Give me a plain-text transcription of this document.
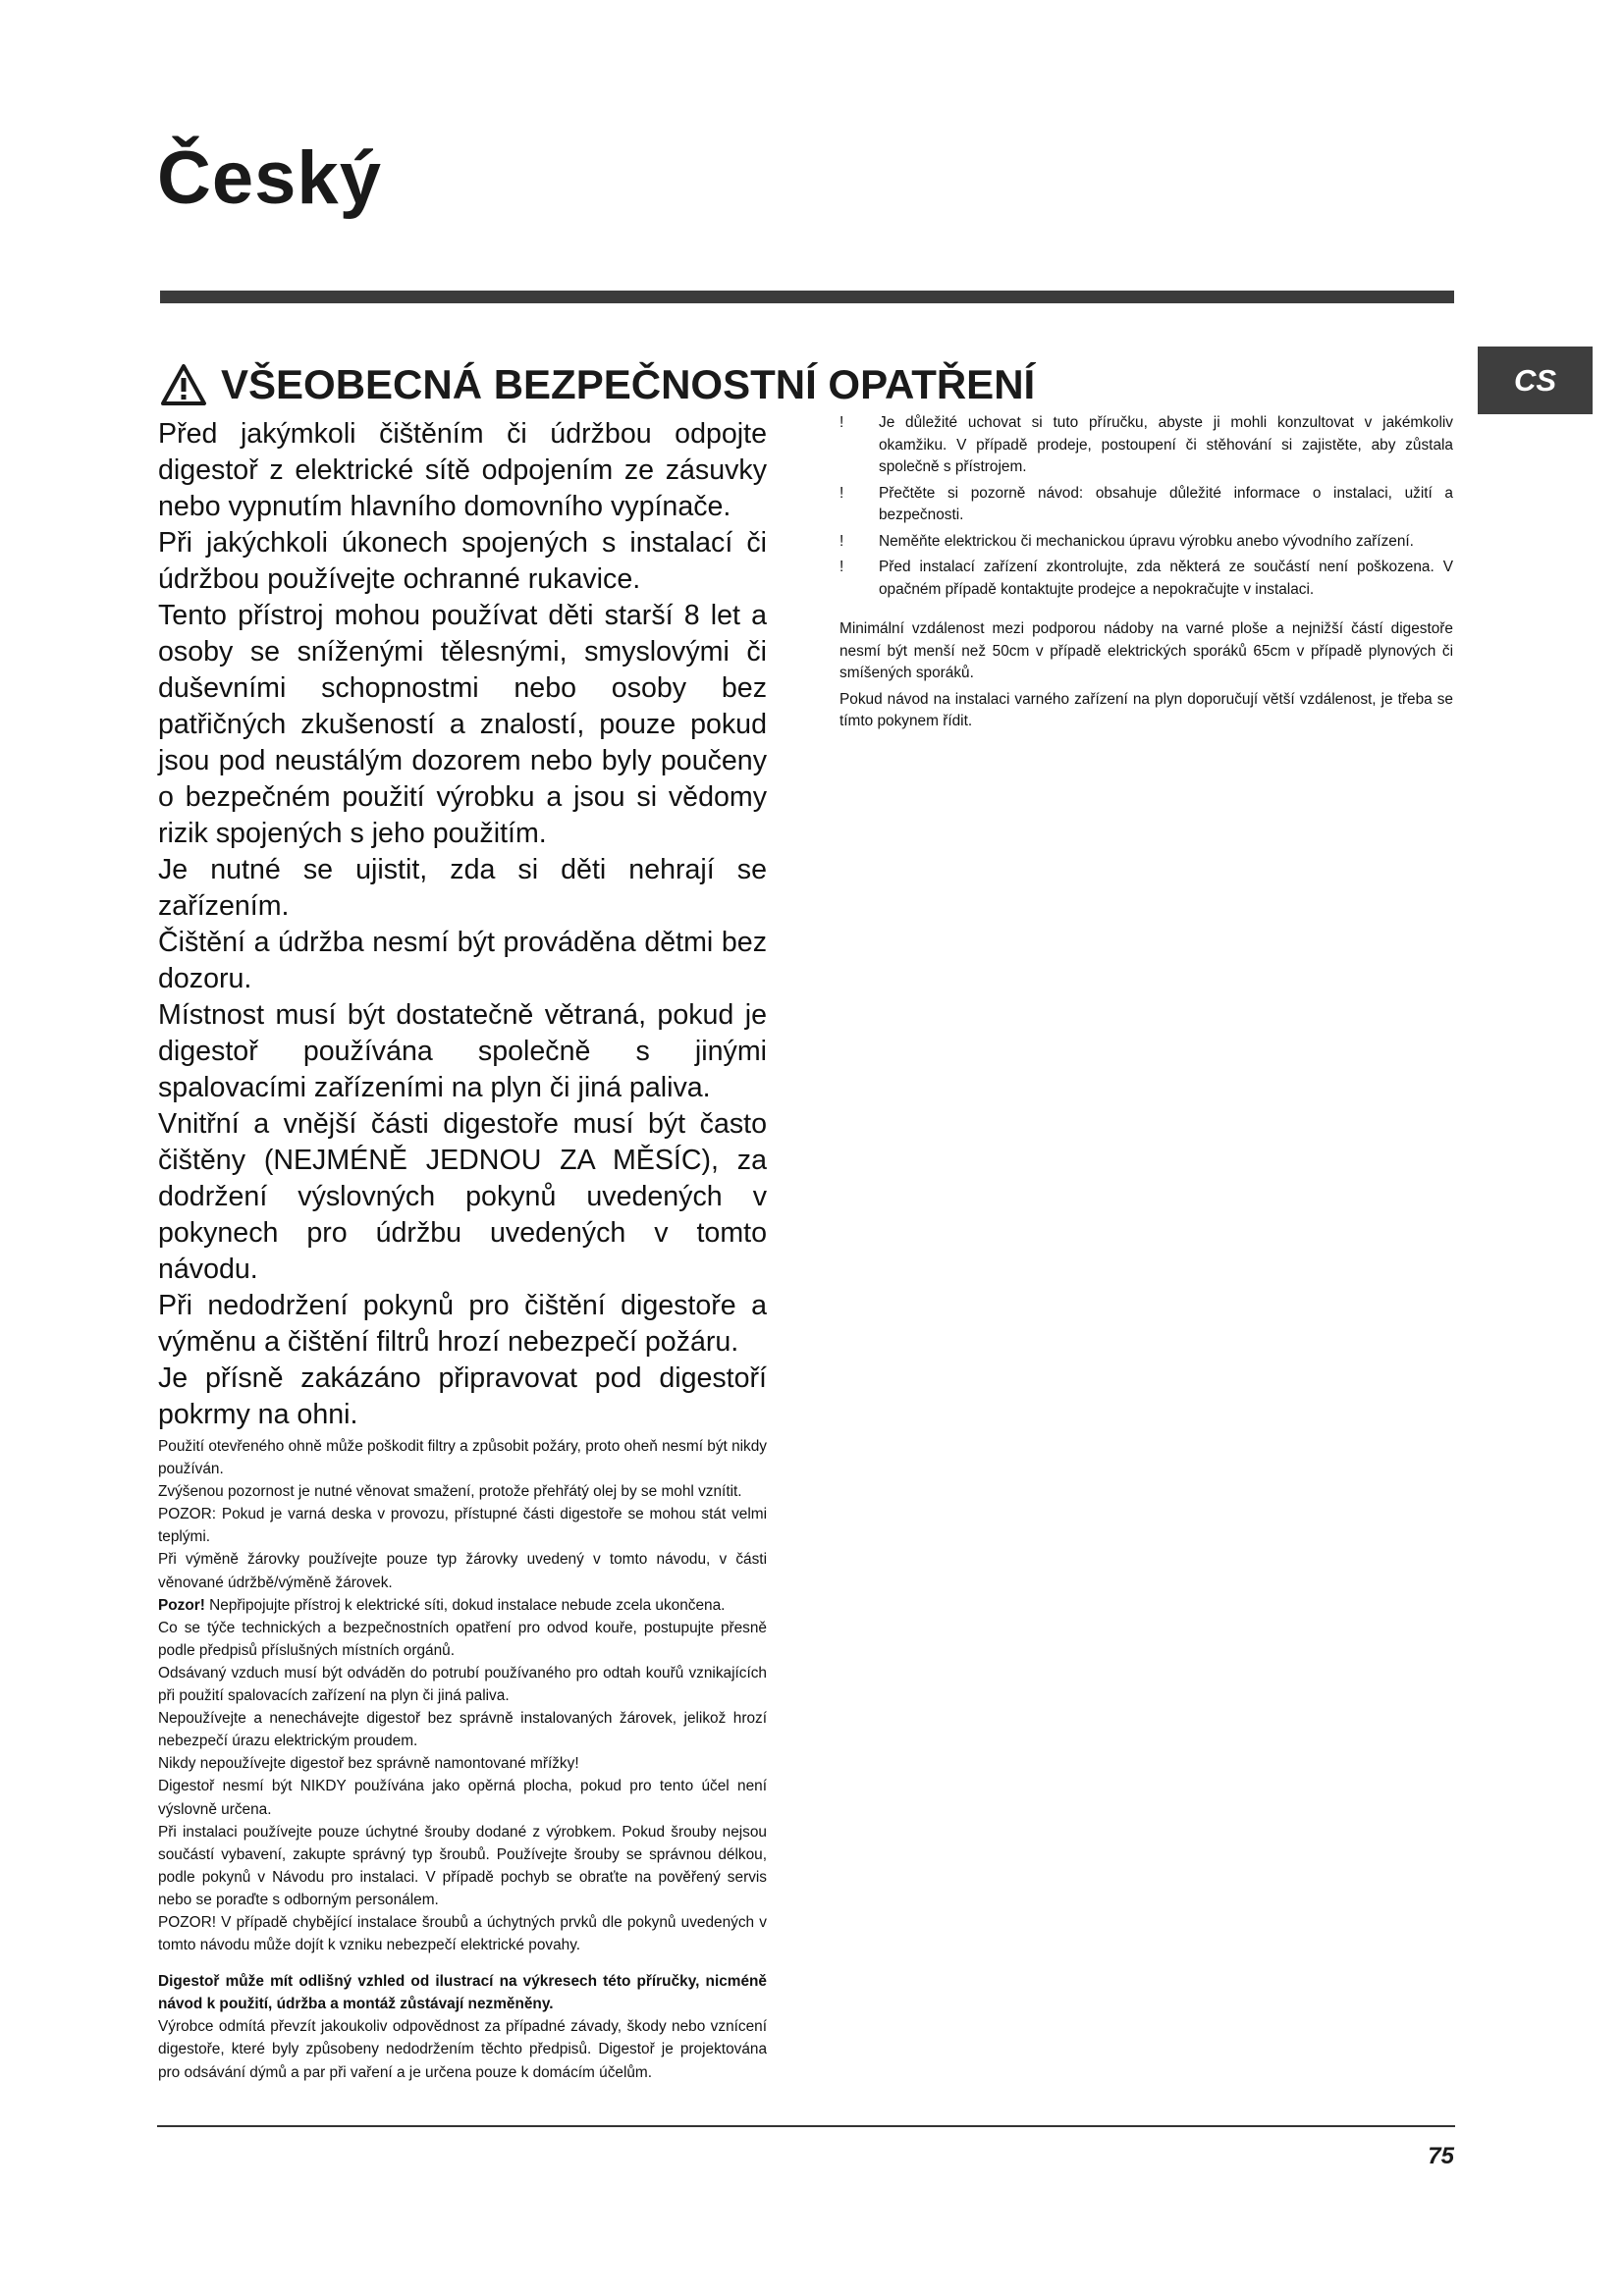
Český
CS
VŠEOBECNÁ BEZPEČNOSTNÍ OPATŘENÍ

Před jakýmkoli čištěním či údržbou odpojte digestoř z elektrické sítě odpojením ze zásuvky nebo vypnutím hlavního domovního vypínače.

Při jakýchkoli úkonech spojených s instalací či údržbou používejte ochranné rukavice.

Tento přístroj mohou používat děti starší 8 let a osoby se sníženými tělesnými, smyslovými či duševními schopnostmi nebo osoby bez patřičných zkušeností a znalostí, pouze pokud jsou pod neustálým dozorem nebo byly poučeny o bezpečném použití výrobku a jsou si vědomy rizik spojených s jeho použitím.

Je nutné se ujistit, zda si děti nehrají se zařízením.

Čištění a údržba nesmí být prováděna dětmi bez dozoru.

Místnost musí být dostatečně větraná, pokud je digestoř používána společně s jinými spalovacími zařízeními na plyn či jiná paliva.

Vnitřní a vnější části digestoře musí být často čištěny (NEJMÉNĚ JEDNOU ZA MĚSÍC), za dodržení výslovných pokynů uvedených v pokynech pro údržbu uvedených v tomto návodu.

Při nedodržení pokynů pro čištění digestoře a výměnu a čištění filtrů hrozí nebezpečí požáru.

Je přísně zakázáno připravovat pod digestoří pokrmy na ohni.

Použití otevřeného ohně může poškodit filtry a způsobit požáry, proto oheň nesmí být nikdy používán.

Zvýšenou pozornost je nutné věnovat smažení, protože přehřátý olej by se mohl vznítit.

POZOR: Pokud je varná deska v provozu, přístupné části digestoře se mohou stát velmi teplými.

Při výměně žárovky používejte pouze typ žárovky uvedený v tomto návodu, v části věnované údržbě/výměně žárovek.

Pozor! Nepřipojujte přístroj k elektrické síti, dokud instalace nebude zcela ukončena.

Co se týče technických a bezpečnostních opatření pro odvod kouře, postupujte přesně podle předpisů příslušných místních orgánů.

Odsávaný vzduch musí být odváděn do potrubí používaného pro odtah kouřů vznikajících při použití spalovacích zařízení na plyn či jiná paliva.

Nepoužívejte a nenechávejte digestoř bez správně instalovaných žárovek, jelikož hrozí nebezpečí úrazu elektrickým proudem.

Nikdy nepoužívejte digestoř bez správně namontované mřížky!

Digestoř nesmí být NIKDY používána jako opěrná plocha, pokud pro tento účel není výslovně určena.

Při instalaci používejte pouze úchytné šrouby dodané z výrobkem. Pokud šrouby nejsou součástí vybavení, zakupte správný typ šroubů. Používejte šrouby se správnou délkou, podle pokynů v Návodu pro instalaci. V případě pochyb se obraťte na pověřený servis nebo se poraďte s odborným personálem.

POZOR! V případě chybějící instalace šroubů a úchytných prvků dle pokynů uvedených v tomto návodu může dojít k vzniku nebezpečí elektrické povahy.

Digestoř může mít odlišný vzhled od ilustrací na výkresech této příručky, nicméně návod k použití, údržba a montáž zůstávají nezměněny.

Výrobce odmítá převzít jakoukoliv odpovědnost za případné závady, škody nebo vznícení digestoře, které byly způsobeny nedodržením těchto předpisů. Digestoř je projektována pro odsávání dýmů a par při vaření a je určena pouze k domácím účelům.

!	Je důležité uchovat si tuto příručku, abyste ji mohli konzultovat v jakémkoliv okamžiku. V případě prodeje, postoupení či stěhování si zajistěte, aby zůstala společně s přístrojem.
!	Přečtěte si pozorně návod: obsahuje důležité informace o instalaci, užití a bezpečnosti.
!	Neměňte elektrickou či mechanickou úpravu výrobku anebo vývodního zařízení.
!	Před instalací zařízení zkontrolujte, zda některá ze součástí není poškozena. V opačném případě kontaktujte prodejce a nepokračujte v instalaci.

Minimální vzdálenost mezi podporou nádoby na varné ploše a nejnižší částí digestoře nesmí být menší než 50cm v případě elektrických sporáků 65cm v případě plynových či smíšených sporáků.

Pokud návod na instalaci varného zařízení na plyn doporučují větší vzdálenost, je třeba se tímto pokynem řídit.

75
